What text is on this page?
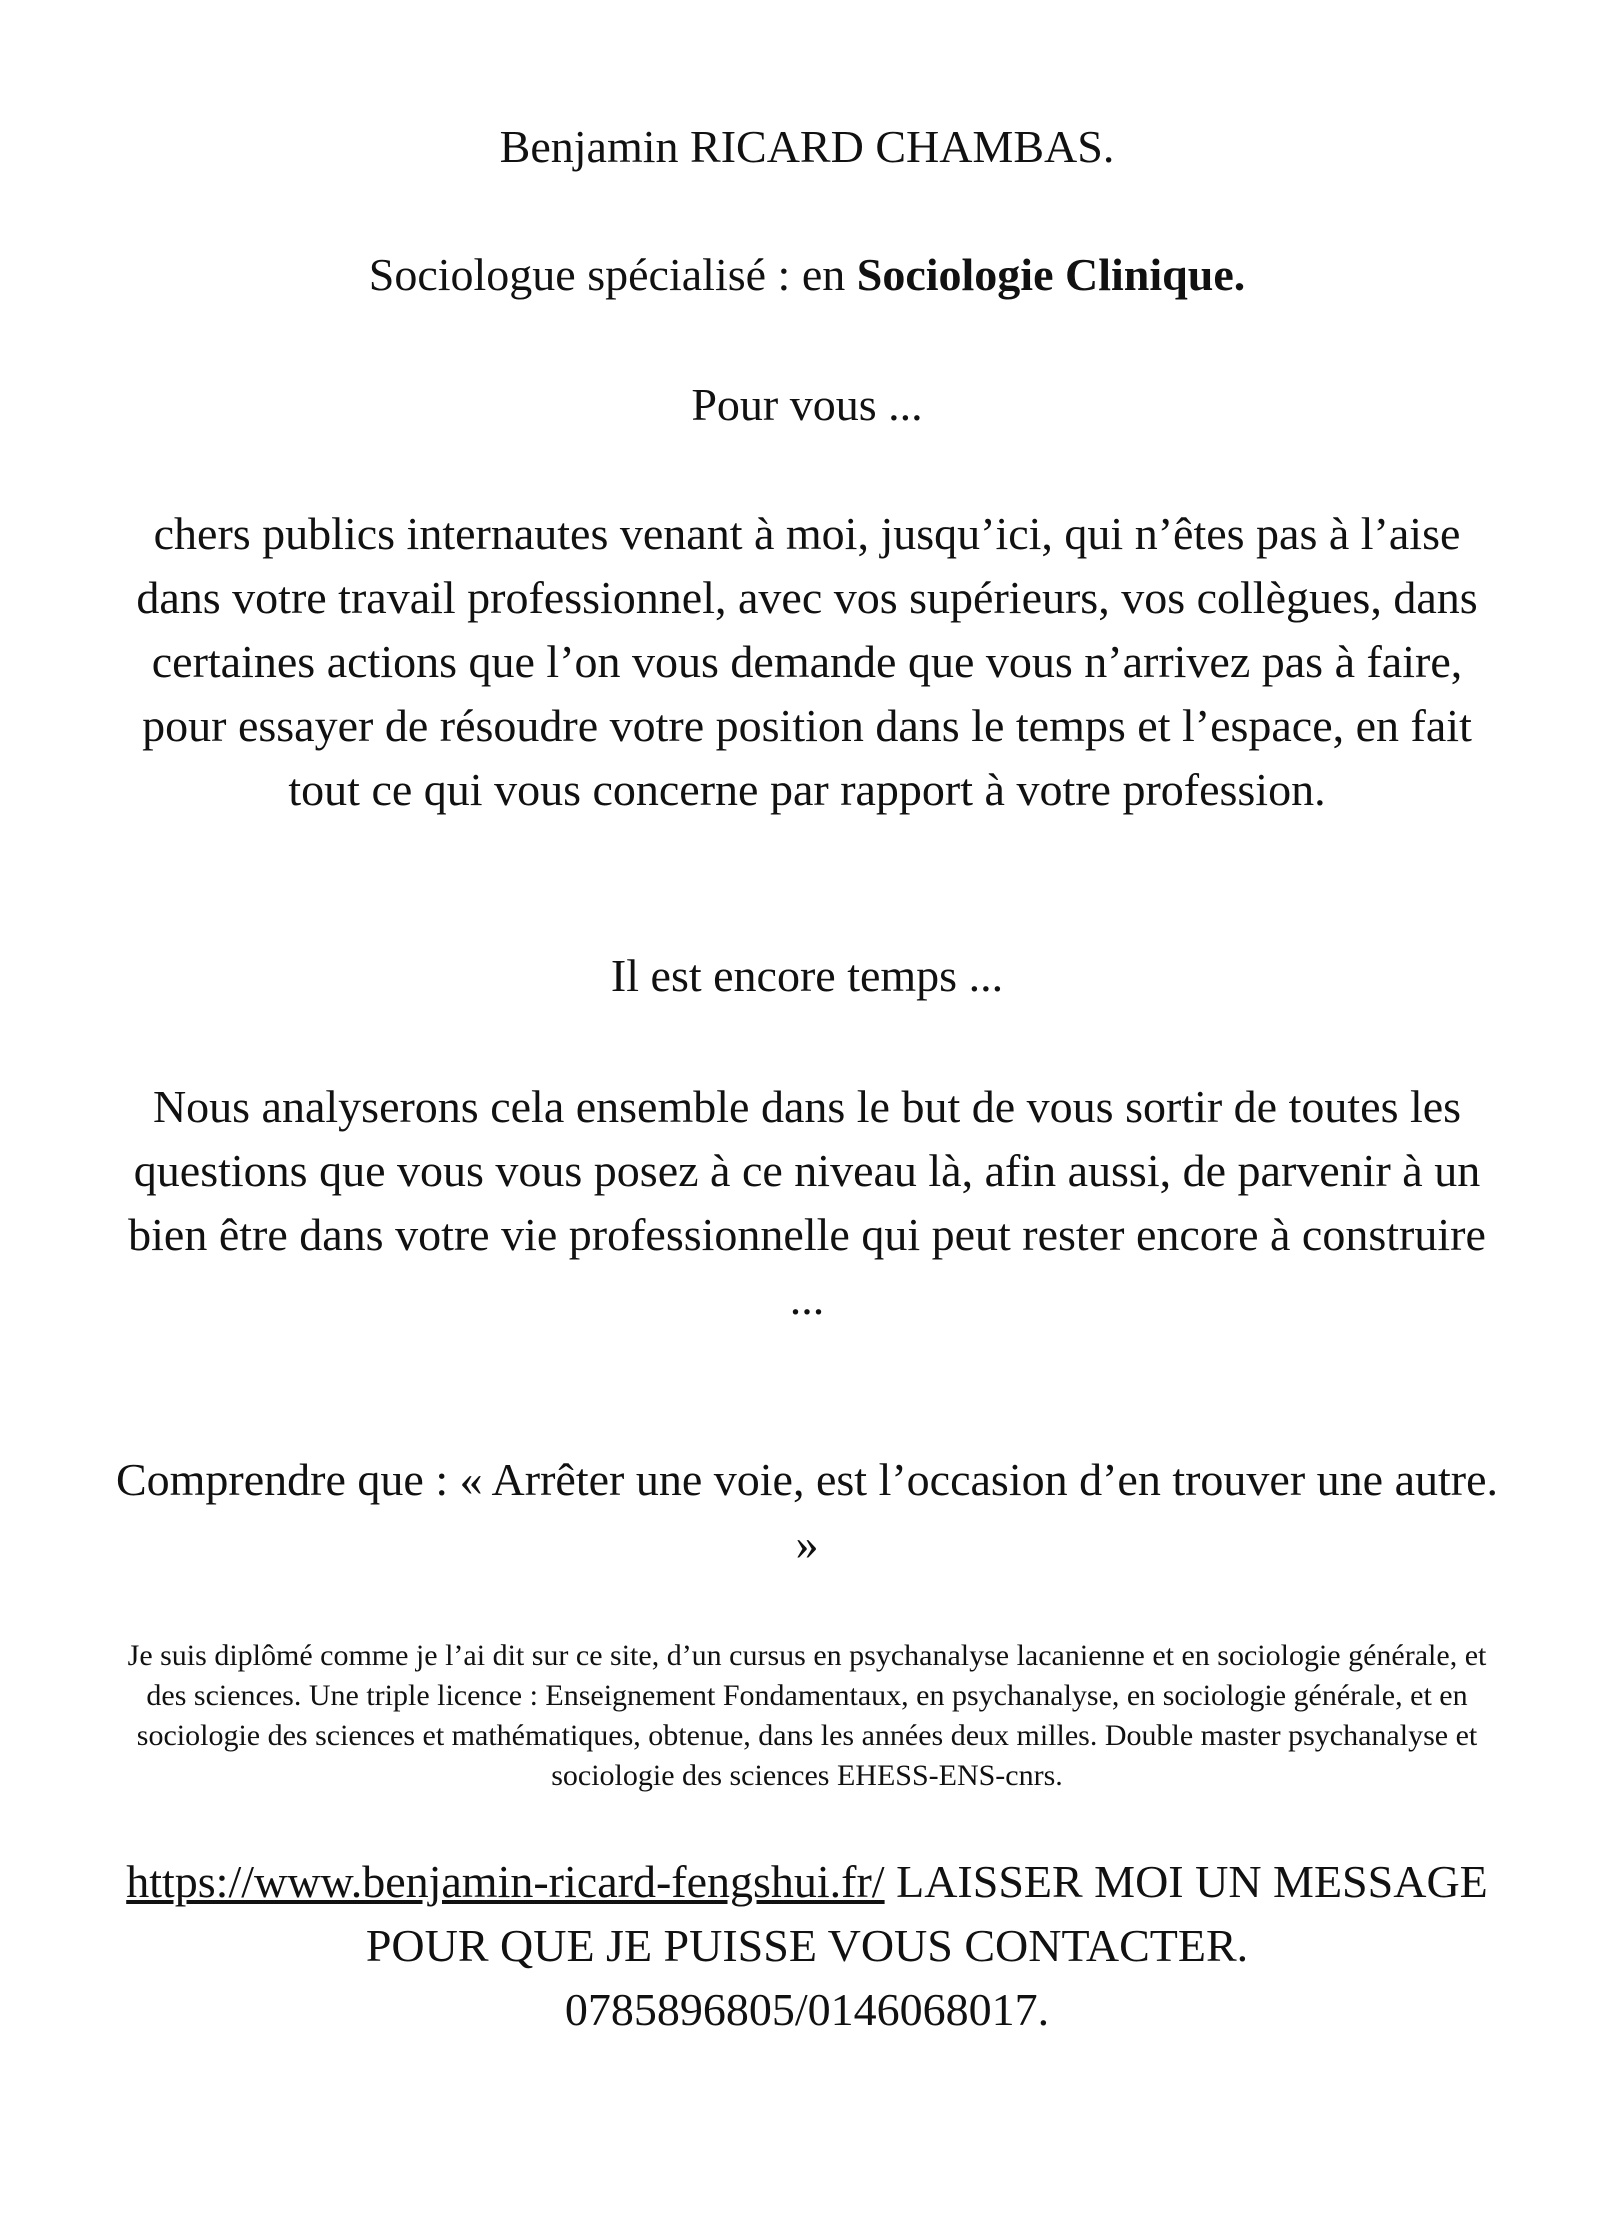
Benjamin RICARD CHAMBAS.

Sociologue spécialisé : en Sociologie Clinique.

Pour vous ...

chers publics internautes venant à moi, jusqu’ici, qui n’êtes pas à l’aise dans votre travail professionnel, avec vos supérieurs, vos collègues, dans certaines actions que l’on vous demande que vous n’arrivez pas à faire, pour essayer de résoudre votre position dans le temps et l’espace, en fait tout ce qui vous concerne par rapport à votre profession.

Il est encore temps ...

Nous analyserons cela ensemble dans le but de vous sortir de toutes les questions que vous vous posez à ce niveau là, afin aussi, de parvenir à un bien être dans votre vie professionnelle qui peut rester encore à construire ...

Comprendre que : « Arrêter une voie, est l’occasion d’en trouver une autre. »

Je suis diplômé comme je l’ai dit sur ce site, d’un cursus en psychanalyse lacanienne et en sociologie générale, et des sciences. Une triple licence : Enseignement Fondamentaux, en psychanalyse, en sociologie générale, et en sociologie des sciences et mathématiques, obtenue, dans les années deux milles. Double master psychanalyse et sociologie des sciences EHESS-ENS-cnrs.

https://www.benjamin-ricard-fengshui.fr/ LAISSER MOI UN MESSAGE POUR QUE JE PUISSE VOUS CONTACTER.
0785896805/0146068017.
